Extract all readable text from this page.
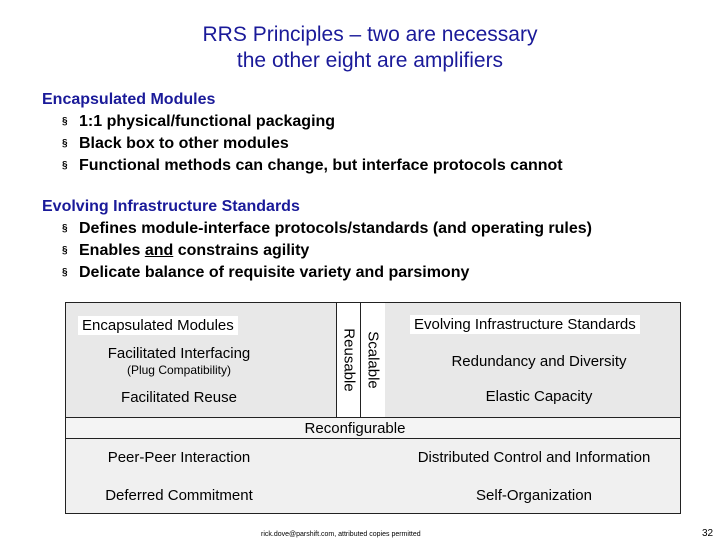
RRS Principles – two are necessary
the other eight are amplifiers
Encapsulated Modules
§ 1:1 physical/functional packaging
§ Black box to other modules
§ Functional methods can change, but interface protocols cannot
Evolving Infrastructure Standards
§ Defines module-interface protocols/standards (and operating rules)
§ Enables and constrains agility
§ Delicate balance of requisite variety and parsimony
Encapsulated Modules
Facilitated Interfacing
(Plug Compatibility)
Facilitated Reuse
Reusable Scalable
Evolving Infrastructure Standards
Redundancy and Diversity
Elastic Capacity
Reconfigurable
Peer-Peer Interaction
Deferred Commitment
Distributed Control and Information
Self-Organization
rick.dove@parshift.com, attributed copies permitted	32
